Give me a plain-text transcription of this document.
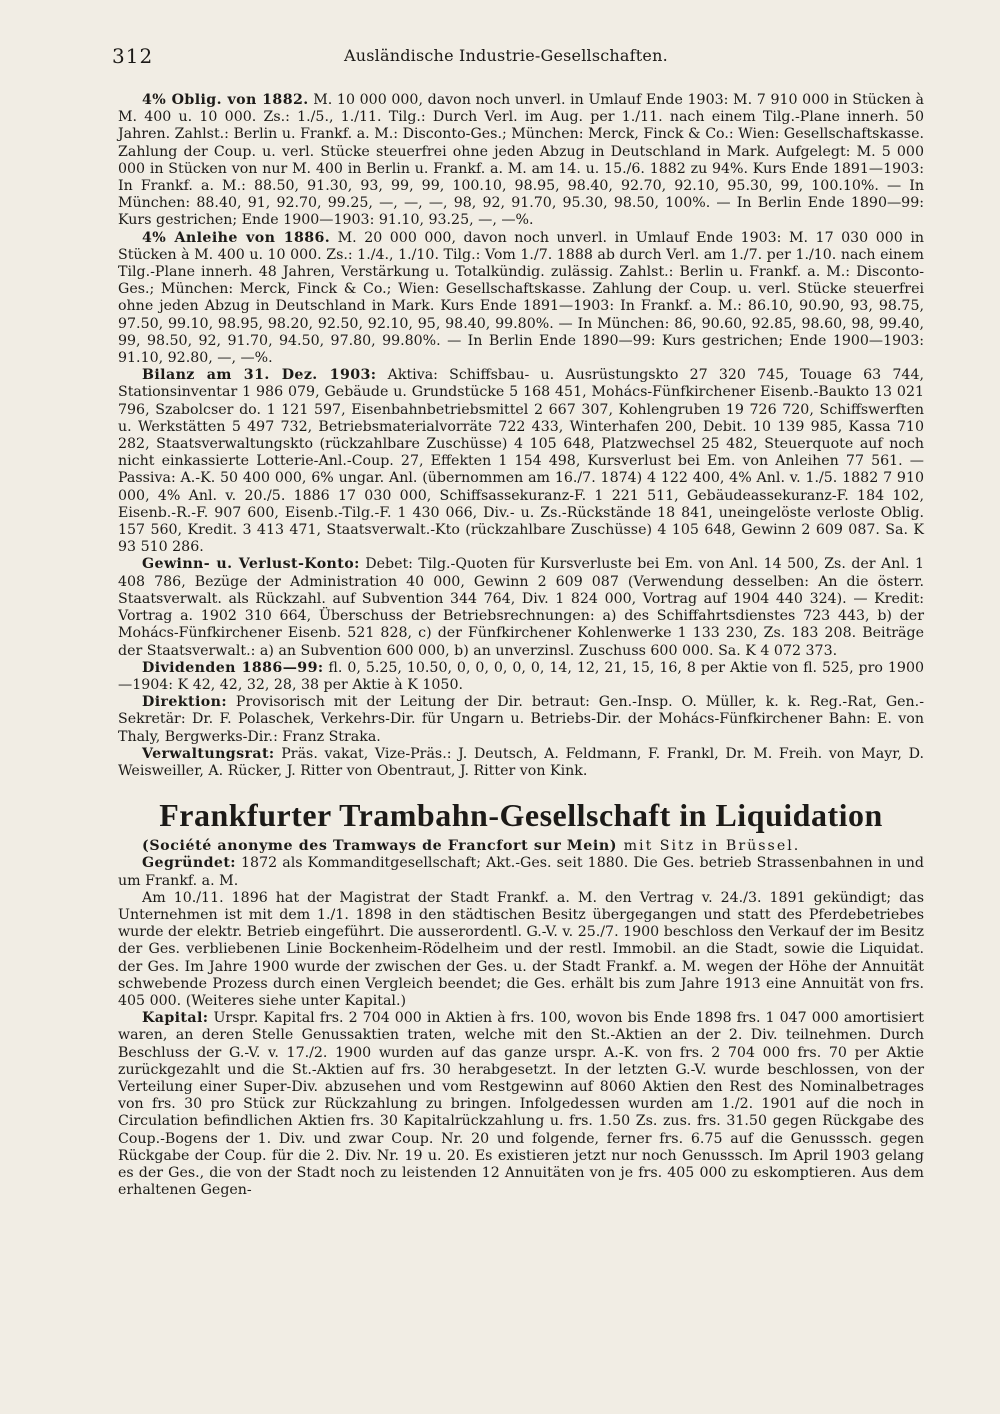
312	Ausländische Industrie-Gesellschaften.

4% Oblig. von 1882. M. 10 000 000, davon noch unverl. in Umlauf Ende 1903: M. 7 910 000 in Stücken à M. 400 u. 10 000. Zs.: 1./5., 1./11. Tilg.: Durch Verl. im Aug. per 1./11. nach einem Tilg.-Plane innerh. 50 Jahren. Zahlst.: Berlin u. Frankf. a. M.: Disconto-Ges.; München: Merck, Finck & Co.: Wien: Gesellschaftskasse. Zahlung der Coup. u. verl. Stücke steuerfrei ohne jeden Abzug in Deutschland in Mark. Aufgelegt: M. 5 000 000 in Stücken von nur M. 400 in Berlin u. Frankf. a. M. am 14. u. 15./6. 1882 zu 94%. Kurs Ende 1891—1903: In Frankf. a. M.: 88.50, 91.30, 93, 99, 99, 100.10, 98.95, 98.40, 92.70, 92.10, 95.30, 99, 100.10%. — In München: 88.40, 91, 92.70, 99.25, —, —, —, 98, 92, 91.70, 95.30, 98.50, 100%. — In Berlin Ende 1890—99: Kurs gestrichen; Ende 1900—1903: 91.10, 93.25, —, —%.

4% Anleihe von 1886. M. 20 000 000, davon noch unverl. in Umlauf Ende 1903: M. 17 030 000 in Stücken à M. 400 u. 10 000. Zs.: 1./4., 1./10. Tilg.: Vom 1./7. 1888 ab durch Verl. am 1./7. per 1./10. nach einem Tilg.-Plane innerh. 48 Jahren, Verstärkung u. Totalkündig. zulässig. Zahlst.: Berlin u. Frankf. a. M.: Disconto-Ges.; München: Merck, Finck & Co.; Wien: Gesellschaftskasse. Zahlung der Coup. u. verl. Stücke steuerfrei ohne jeden Abzug in Deutschland in Mark. Kurs Ende 1891—1903: In Frankf. a. M.: 86.10, 90.90, 93, 98.75, 97.50, 99.10, 98.95, 98.20, 92.50, 92.10, 95, 98.40, 99.80%. — In München: 86, 90.60, 92.85, 98.60, 98, 99.40, 99, 98.50, 92, 91.70, 94.50, 97.80, 99.80%. — In Berlin Ende 1890—99: Kurs gestrichen; Ende 1900—1903: 91.10, 92.80, —, —%.

Bilanz am 31. Dez. 1903: Aktiva: Schiffsbau- u. Ausrüstungskto 27 320 745, Touage 63 744, Stationsinventar 1 986 079, Gebäude u. Grundstücke 5 168 451, Mohács-Fünfkirchener Eisenb.-Baukto 13 021 796, Szabolcser do. 1 121 597, Eisenbahnbetriebsmittel 2 667 307, Kohlengruben 19 726 720, Schiffswerften u. Werkstätten 5 497 732, Betriebsmaterialvorräte 722 433, Winterhafen 200, Debit. 10 139 985, Kassa 710 282, Staatsverwaltungskto (rückzahlbare Zuschüsse) 4 105 648, Platzwechsel 25 482, Steuerquote auf noch nicht einkassierte Lotterie-Anl.-Coup. 27, Effekten 1 154 498, Kursverlust bei Em. von Anleihen 77 561. — Passiva: A.-K. 50 400 000, 6% ungar. Anl. (übernommen am 16./7. 1874) 4 122 400, 4% Anl. v. 1./5. 1882 7 910 000, 4% Anl. v. 20./5. 1886 17 030 000, Schiffsassekuranz-F. 1 221 511, Gebäudeassekuranz-F. 184 102, Eisenb.-R.-F. 907 600, Eisenb.-Tilg.-F. 1 430 066, Div.- u. Zs.-Rückstände 18 841, uneingelöste verloste Oblig. 157 560, Kredit. 3 413 471, Staatsverwalt.-Kto (rückzahlbare Zuschüsse) 4 105 648, Gewinn 2 609 087. Sa. K 93 510 286.

Gewinn- u. Verlust-Konto: Debet: Tilg.-Quoten für Kursverluste bei Em. von Anl. 14 500, Zs. der Anl. 1 408 786, Bezüge der Administration 40 000, Gewinn 2 609 087 (Verwendung desselben: An die österr. Staatsverwalt. als Rückzahl. auf Subvention 344 764, Div. 1 824 000, Vortrag auf 1904 440 324). — Kredit: Vortrag a. 1902 310 664, Überschuss der Betriebsrechnungen: a) des Schiffahrtsdienstes 723 443, b) der Mohács-Fünfkirchener Eisenb. 521 828, c) der Fünfkirchener Kohlenwerke 1 133 230, Zs. 183 208. Beiträge der Staatsverwalt.: a) an Subvention 600 000, b) an unverzinsl. Zuschuss 600 000. Sa. K 4 072 373.

Dividenden 1886—99: fl. 0, 5.25, 10.50, 0, 0, 0, 0, 0, 14, 12, 21, 15, 16, 8 per Aktie von fl. 525, pro 1900—1904: K 42, 42, 32, 28, 38 per Aktie à K 1050.

Direktion: Provisorisch mit der Leitung der Dir. betraut: Gen.-Insp. O. Müller, k. k. Reg.-Rat, Gen.-Sekretär: Dr. F. Polaschek, Verkehrs-Dir. für Ungarn u. Betriebs-Dir. der Mohács-Fünfkirchener Bahn: E. von Thaly, Bergwerks-Dir.: Franz Straka.

Verwaltungsrat: Präs. vakat, Vize-Präs.: J. Deutsch, A. Feldmann, F. Frankl, Dr. M. Freih. von Mayr, D. Weisweiller, A. Rücker, J. Ritter von Obentraut, J. Ritter von Kink.

Frankfurter Trambahn-Gesellschaft in Liquidation

(Société anonyme des Tramways de Francfort sur Mein) mit Sitz in Brüssel.

Gegründet: 1872 als Kommanditgesellschaft; Akt.-Ges. seit 1880. Die Ges. betrieb Strassenbahnen in und um Frankf. a. M.

Am 10./11. 1896 hat der Magistrat der Stadt Frankf. a. M. den Vertrag v. 24./3. 1891 gekündigt; das Unternehmen ist mit dem 1./1. 1898 in den städtischen Besitz übergegangen und statt des Pferdebetriebes wurde der elektr. Betrieb eingeführt. Die ausserordentl. G.-V. v. 25./7. 1900 beschloss den Verkauf der im Besitz der Ges. verbliebenen Linie Bockenheim-Rödelheim und der restl. Immobil. an die Stadt, sowie die Liquidat. der Ges. Im Jahre 1900 wurde der zwischen der Ges. u. der Stadt Frankf. a. M. wegen der Höhe der Annuität schwebende Prozess durch einen Vergleich beendet; die Ges. erhält bis zum Jahre 1913 eine Annuität von frs. 405 000. (Weiteres siehe unter Kapital.)

Kapital: Urspr. Kapital frs. 2 704 000 in Aktien à frs. 100, wovon bis Ende 1898 frs. 1 047 000 amortisiert waren, an deren Stelle Genussaktien traten, welche mit den St.-Aktien an der 2. Div. teilnehmen. Durch Beschluss der G.-V. v. 17./2. 1900 wurden auf das ganze urspr. A.-K. von frs. 2 704 000 frs. 70 per Aktie zurückgezahlt und die St.-Aktien auf frs. 30 herabgesetzt. In der letzten G.-V. wurde beschlossen, von der Verteilung einer Super-Div. abzusehen und vom Restgewinn auf 8060 Aktien den Rest des Nominalbetrages von frs. 30 pro Stück zur Rückzahlung zu bringen. Infolgedessen wurden am 1./2. 1901 auf die noch in Circulation befindlichen Aktien frs. 30 Kapitalrückzahlung u. frs. 1.50 Zs. zus. frs. 31.50 gegen Rückgabe des Coup.-Bogens der 1. Div. und zwar Coup. Nr. 20 und folgende, ferner frs. 6.75 auf die Genusssch. gegen Rückgabe der Coup. für die 2. Div. Nr. 19 u. 20. Es existieren jetzt nur noch Genusssch. Im April 1903 gelang es der Ges., die von der Stadt noch zu leistenden 12 Annuitäten von je frs. 405 000 zu eskomptieren. Aus dem erhaltenen Gegen-
